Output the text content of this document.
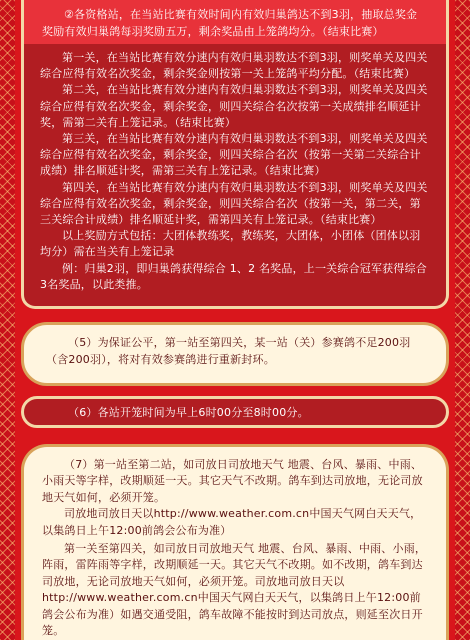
②各资格站，在当站比赛有效时间内有效归巢鸽达不到3羽，抽取总奖金奖励有效归巢鸽每羽奖励五万，剩余奖品由上笼鸽均分。（结束比赛）

第一关，在当站比赛有效分速内有效归巢羽数达不到3羽，则奖单关及四关综合应得有效名次奖金，剩余奖金则按第一关上笼鸽平均分配。（结束比赛）

第二关，在当站比赛有效分速内有效归巢羽数达不到3羽，则奖单关及四关综合应得有效名次奖金，剩余奖金，则四关综合名次按第一关成绩排名顺延计奖，需第二关有上笼记录。（结束比赛）

第三关，在当站比赛有效分速内有效归巢羽数达不到3羽，则奖单关及四关综合应得有效名次奖金，剩余奖金，则四关综合名次（按第一关第二关综合计成绩）排名顺延计奖，需第三关有上笼记录。（结束比赛）

第四关，在当站比赛有效分速内有效归巢羽数达不到3羽，则奖单关及四关综合应得有效名次奖金，剩余奖金，则四关综合名次（按第一关，第二关，第三关综合计成绩）排名顺延计奖，需第四关有上笼记录。（结束比赛）

以上奖励方式包括：大团体教练奖，教练奖，大团体，小团体（团体以羽均分）需在当关有上笼记录

例：归巢2羽，即归巢鸽获得综合 1、2 名奖品，上一关综合冠军获得综合3名奖品，以此类推。

（5）为保证公平，第一站至第四关，某一站（关）参赛鸽不足200羽（含200羽），将对有效参赛鸽进行重新封环。

（6）各站开笼时间为早上6时00分至8时00分。

（7）第一站至第二站，如司放日司放地天气 地震、台风、暴雨、中雨、小雨天等字样，改期顺延一天。其它天气不改期。鸽车到达司放地，无论司放地天气如何，必须开笼。

司放地司放日天以http://www.weather.com.cn中国天气网白天天气，以集鸽日上午12:00前鸽会公布为准）

第一关至第四关，如司放日司放地天气 地震、台风、暴雨、中雨、小雨，阵雨，雷阵雨等字样，改期顺延一天。其它天气不改期。如不改期，鸽车到达司放地，无论司放地天气如何，必须开笼。司放地司放日天以http://www.weather.com.cn中国天气网白天天气，以集鸽日上午12:00前鸽会公布为准）如遇交通受阻，鸽车故障不能按时到达司放点，则延至次日开笼。
